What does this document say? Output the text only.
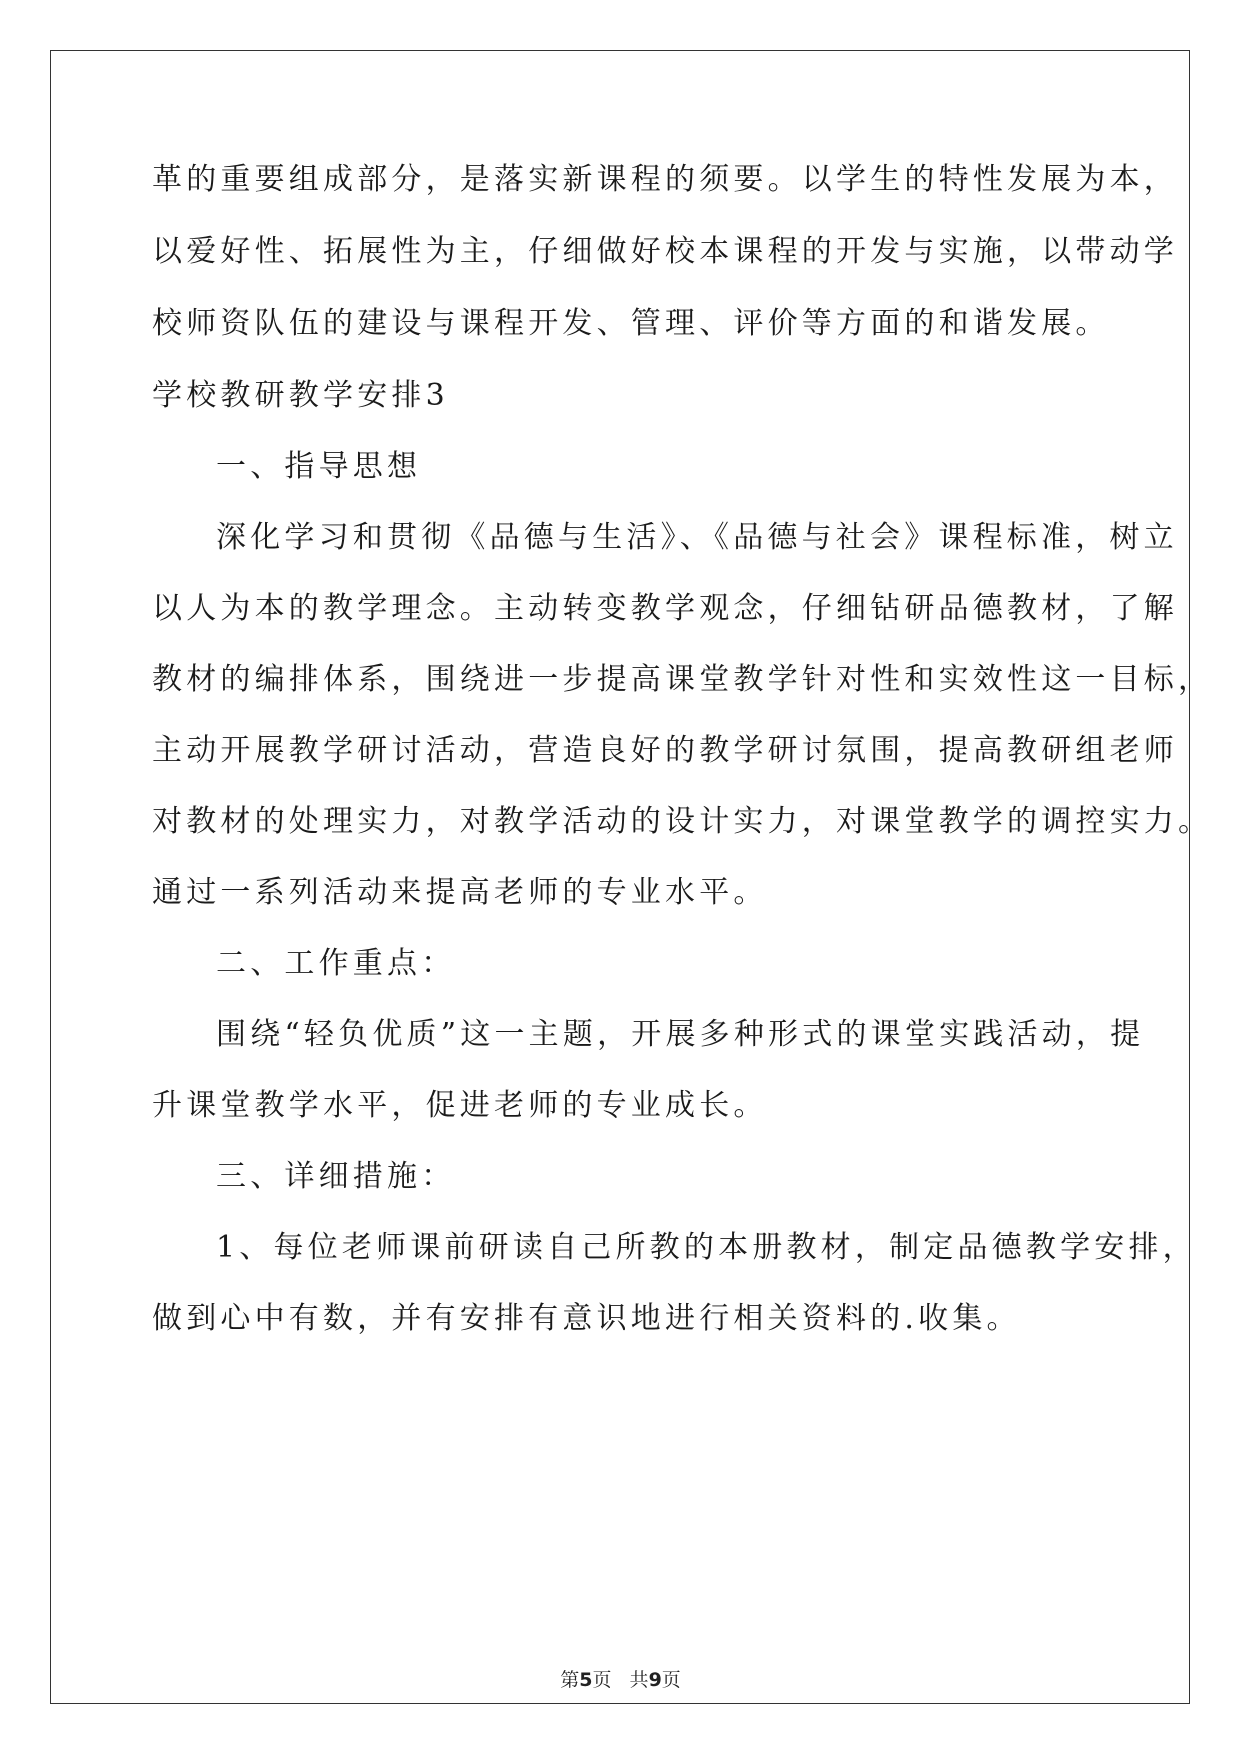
革的重要组成部分，是落实新课程的须要。以学生的特性发展为本，
以爱好性、拓展性为主，仔细做好校本课程的开发与实施，以带动学
校师资队伍的建设与课程开发、管理、评价等方面的和谐发展。
学校教研教学安排3
一、指导思想
深化学习和贯彻《品德与生活》、《品德与社会》课程标准，树立
以人为本的教学理念。主动转变教学观念，仔细钻研品德教材，了解
教材的编排体系，围绕进一步提高课堂教学针对性和实效性这一目标，
主动开展教学研讨活动，营造良好的教学研讨氛围，提高教研组老师
对教材的处理实力，对教学活动的设计实力，对课堂教学的调控实力。
通过一系列活动来提高老师的专业水平。
二、工作重点：
围绕“轻负优质”这一主题，开展多种形式的课堂实践活动，提
升课堂教学水平，促进老师的专业成长。
三、详细措施：
1、每位老师课前研读自己所教的本册教材，制定品德教学安排，
做到心中有数，并有安排有意识地进行相关资料的.收集。
第5页   共9页
